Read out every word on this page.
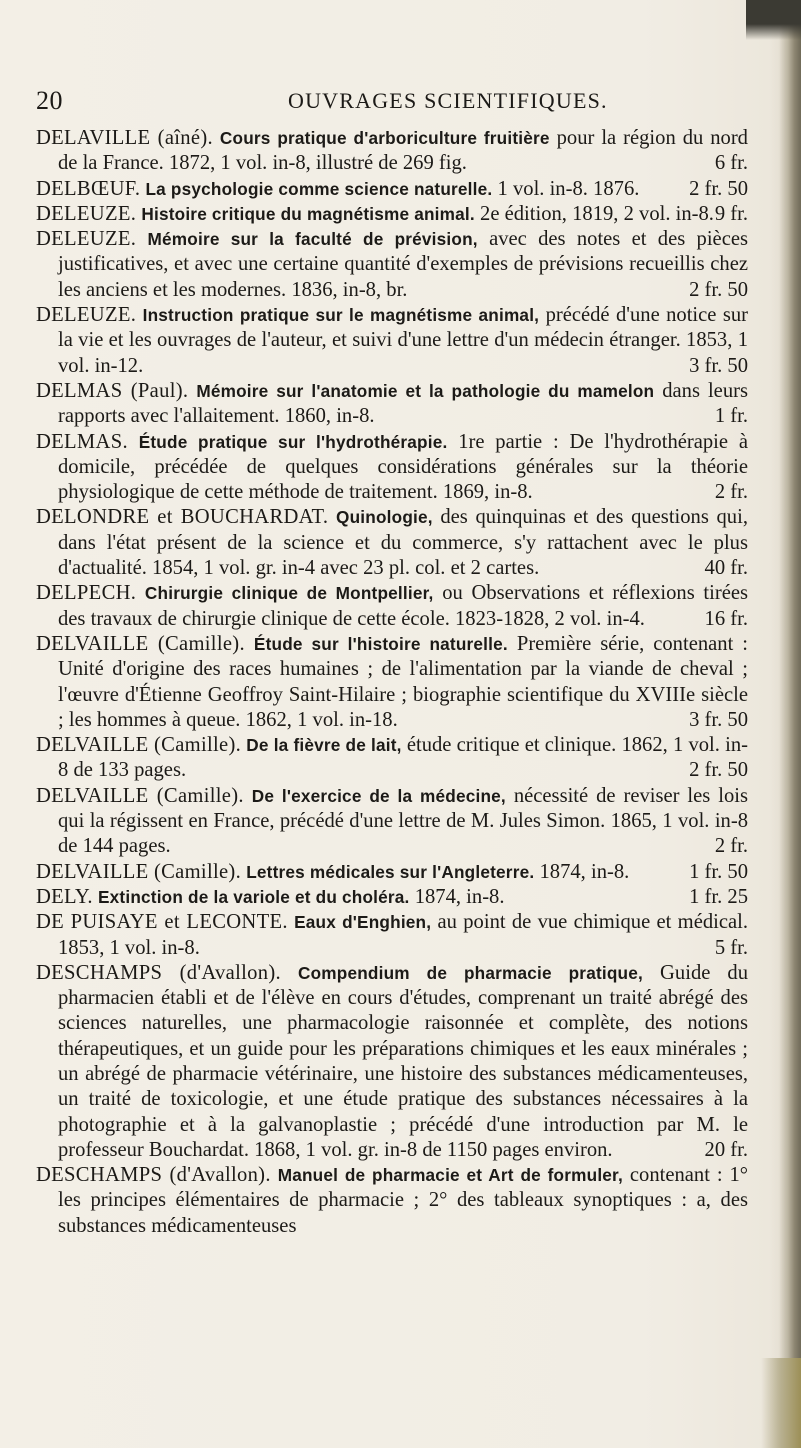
20	OUVRAGES SCIENTIFIQUES.

DELAVILLE (aîné). Cours pratique d'arboriculture fruitière pour la région du nord de la France. 1872, 1 vol. in-8, illustré de 269 fig.	6 fr.

DELBŒUF. La psychologie comme science naturelle. 1 vol. in-8. 1876. 2 fr. 50

DELEUZE. Histoire critique du magnétisme animal. 2e édition, 1819, 2 vol. in-8. 9 fr.

DELEUZE. Mémoire sur la faculté de prévision, avec des notes et des pièces justificatives, et avec une certaine quantité d'exemples de prévisions recueillis chez les anciens et les modernes. 1836, in-8, br.	2 fr. 50

DELEUZE. Instruction pratique sur le magnétisme animal, précédé d'une notice sur la vie et les ouvrages de l'auteur, et suivi d'une lettre d'un médecin étranger. 1853, 1 vol. in-12.	3 fr. 50

DELMAS (Paul). Mémoire sur l'anatomie et la pathologie du mamelon dans leurs rapports avec l'allaitement. 1860, in-8.	1 fr.

DELMAS. Étude pratique sur l'hydrothérapie. 1re partie : De l'hydrothérapie à domicile, précédée de quelques considérations générales sur la théorie physiologique de cette méthode de traitement. 1869, in-8.	2 fr.

DELONDRE et BOUCHARDAT. Quinologie, des quinquinas et des questions qui, dans l'état présent de la science et du commerce, s'y rattachent avec le plus d'actualité. 1854, 1 vol. gr. in-4 avec 23 pl. col. et 2 cartes.	40 fr.

DELPECH. Chirurgie clinique de Montpellier, ou Observations et réflexions tirées des travaux de chirurgie clinique de cette école. 1823-1828, 2 vol. in-4.	16 fr.

DELVAILLE (Camille). Étude sur l'histoire naturelle. Première série, contenant : Unité d'origine des races humaines ; de l'alimentation par la viande de cheval ; l'œuvre d'Étienne Geoffroy Saint-Hilaire ; biographie scientifique du XVIIIe siècle ; les hommes à queue. 1862, 1 vol. in-18.	3 fr. 50

DELVAILLE (Camille). De la fièvre de lait, étude critique et clinique. 1862, 1 vol. in-8 de 133 pages.	2 fr. 50

DELVAILLE (Camille). De l'exercice de la médecine, nécessité de reviser les lois qui la régissent en France, précédé d'une lettre de M. Jules Simon. 1865, 1 vol. in-8 de 144 pages.	2 fr.

DELVAILLE (Camille). Lettres médicales sur l'Angleterre. 1874, in-8.	1 fr. 50

DELY. Extinction de la variole et du choléra. 1874, in-8.	1 fr. 25

DE PUISAYE et LECONTE. Eaux d'Enghien, au point de vue chimique et médical. 1853, 1 vol. in-8.	5 fr.

DESCHAMPS (d'Avallon). Compendium de pharmacie pratique, Guide du pharmacien établi et de l'élève en cours d'études, comprenant un traité abrégé des sciences naturelles, une pharmacologie raisonnée et complète, des notions thérapeutiques, et un guide pour les préparations chimiques et les eaux minérales ; un abrégé de pharmacie vétérinaire, une histoire des substances médicamenteuses, un traité de toxicologie, et une étude pratique des substances nécessaires à la photographie et à la galvanoplastie ; précédé d'une introduction par M. le professeur Bouchardat. 1868, 1 vol. gr. in-8 de 1150 pages environ.	20 fr.

DESCHAMPS (d'Avallon). Manuel de pharmacie et Art de formuler, contenant : 1° les principes élémentaires de pharmacie ; 2° des tableaux synoptiques : a, des substances médicamenteuses
